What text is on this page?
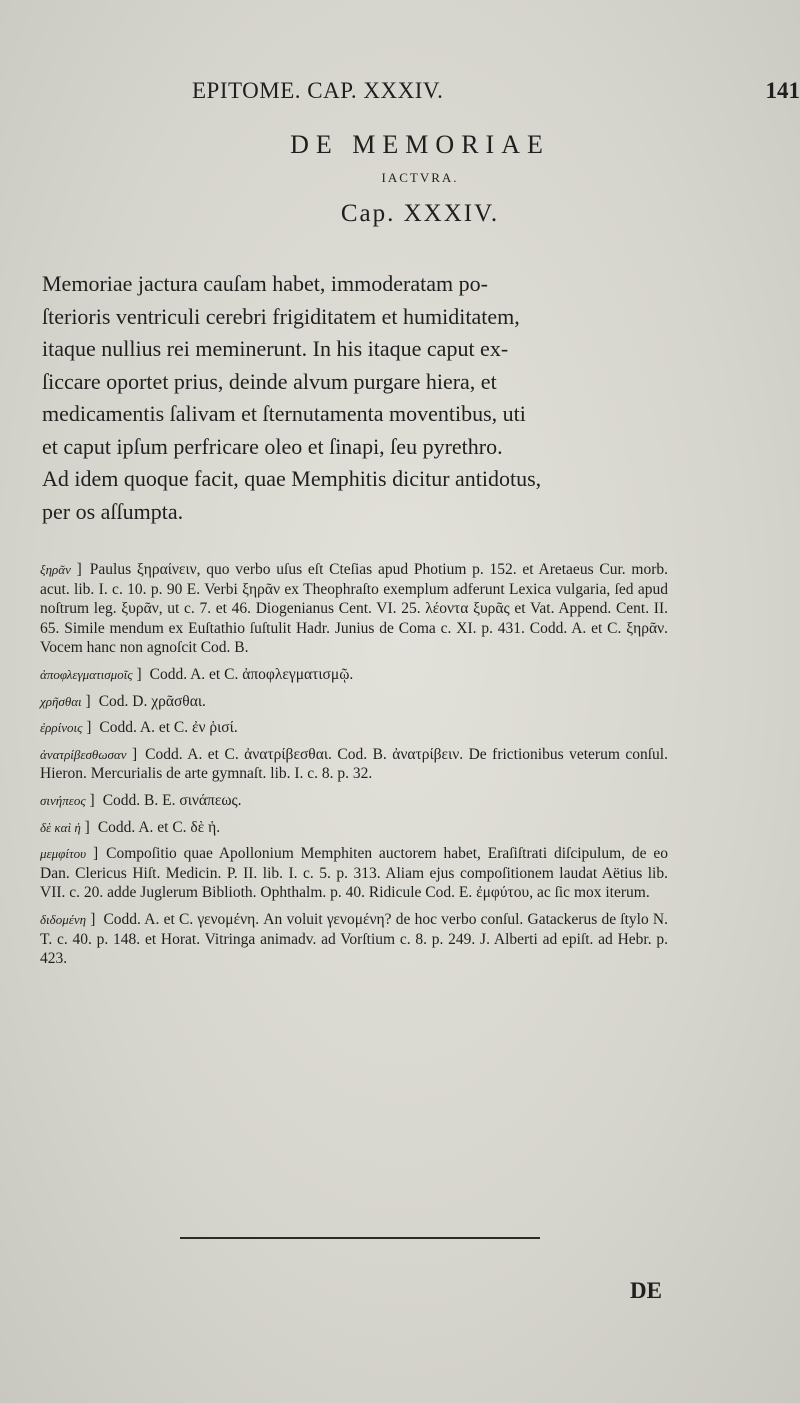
EPITOME. CAP. XXXIV.	141
DE MEMORIAE
IACTVRA.
Cap. XXXIV.
Memoriae jactura cauſam habet, immoderatam po-
ſterioris ventriculi cerebri frigiditatem et humiditatem,
itaque nullius rei meminerunt. In his itaque caput ex-
ſiccare oportet prius, deinde alvum purgare hiera, et
medicamentis ſalivam et ſternutamenta moventibus, uti
et caput ipſum perfricare oleo et ſinapi, ſeu pyrethro.
Ad idem quoque facit, quae Memphitis dicitur antidotus,
per os aſſumpta.
ξηρᾶν ] Paulus ξηραίνειν, quo verbo uſus eſt Cteſias apud Photium p. 152. et Aretaeus Cur. morb. acut. lib. I. c. 10. p. 90 E. Verbi ξηρᾶν ex Theophraſto exemplum adferunt Lexica vulgaria, ſed apud noſtrum leg. ξυρᾶν, ut c. 7. et 46. Diogenianus Cent. VI. 25. λέοντα ξυρᾶς et Vat. Append. Cent. II. 65. Simile mendum ex Euſtathio ſuſtulit Hadr. Junius de Coma c. XI. p. 431. Codd. A. et C. ξηρᾶν. Vocem hanc non agnoſcit Cod. B.
ἀποφλεγματισμοῖς ] Codd. A. et C. ἀποφλεγματισμῷ.
χρῆσθαι ] Cod. D. χρᾶσθαι.
ἐρρίνοις ] Codd. A. et C. ἐν ῥισί.
ἀνατρίβεσθωσαν ] Codd. A. et C. ἀνατρίβεσθαι. Cod. B. ἀνατρίβειν. De frictionibus veterum conſul. Hieron. Mercurialis de arte gymnaſt. lib. I. c. 8. p. 32.
σινήπεος ] Codd. B. E. σινάπεως.
δὲ καὶ ἡ ] Codd. A. et C. δὲ ἡ.
μεμφίτου ] Compoſitio quae Apollonium Memphiten auctorem habet, Eraſiſtrati diſcipulum, de eo Dan. Clericus Hiſt. Medicin. P. II. lib. I. c. 5. p. 313. Aliam ejus compoſitionem laudat Aëtius lib. VII. c. 20. adde Juglerum Biblioth. Ophthalm. p. 40. Ridicule Cod. E. ἐμφύτου, ac ſic mox iterum.
διδομένη ] Codd. A. et C. γενομένη. An voluit γενομένη? de hoc verbo conſul. Gatackerus de ſtylo N. T. c. 40. p. 148. et Horat. Vitringa animadv. ad Vorſtium c. 8. p. 249. J. Alberti ad epiſt. ad Hebr. p. 423.
DE
